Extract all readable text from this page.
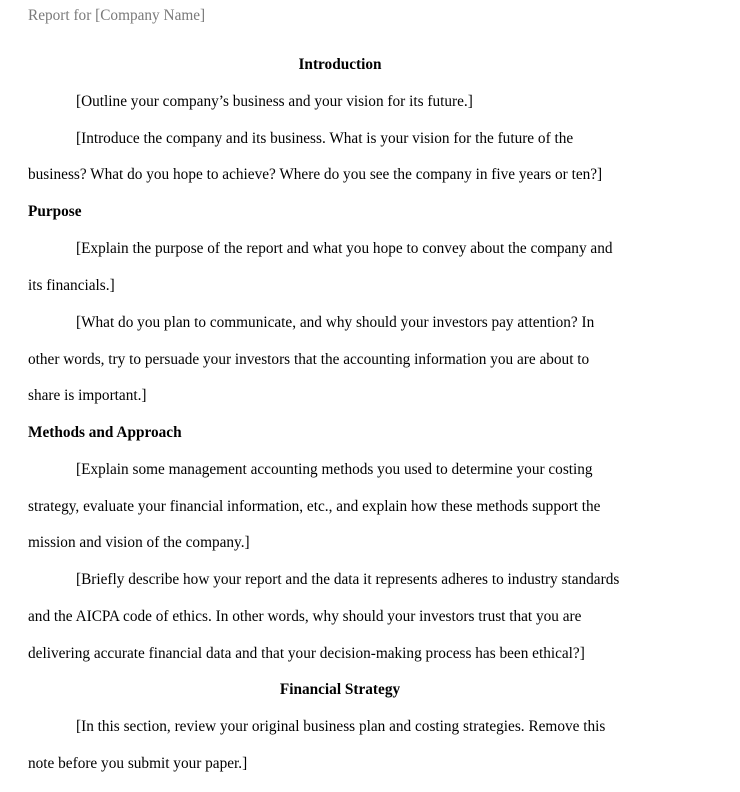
Report for [Company Name]
Introduction
[Outline your company’s business and your vision for its future.]
[Introduce the company and its business. What is your vision for the future of the
business? What do you hope to achieve? Where do you see the company in five years or ten?]
Purpose
[Explain the purpose of the report and what you hope to convey about the company and
its financials.]
[What do you plan to communicate, and why should your investors pay attention? In
other words, try to persuade your investors that the accounting information you are about to
share is important.]
Methods and Approach
[Explain some management accounting methods you used to determine your costing
strategy, evaluate your financial information, etc., and explain how these methods support the
mission and vision of the company.]
[Briefly describe how your report and the data it represents adheres to industry standards
and the AICPA code of ethics. In other words, why should your investors trust that you are
delivering accurate financial data and that your decision-making process has been ethical?]
Financial Strategy
[In this section, review your original business plan and costing strategies. Remove this
note before you submit your paper.]
